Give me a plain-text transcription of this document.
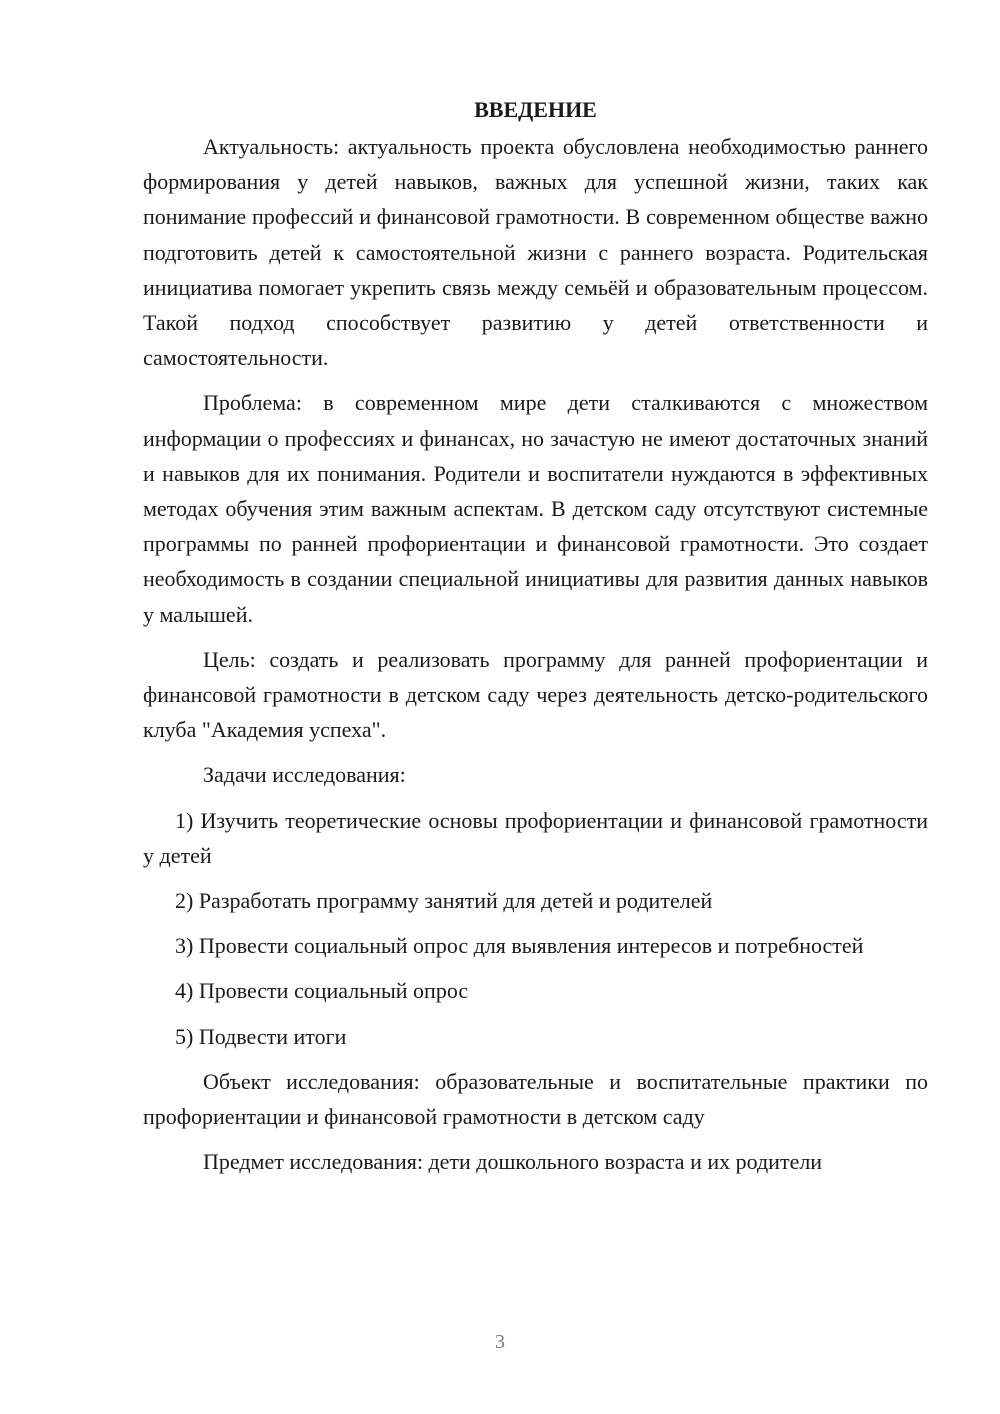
ВВЕДЕНИЕ

Актуальность: актуальность проекта обусловлена необходимостью раннего формирования у детей навыков, важных для успешной жизни, таких как понимание профессий и финансовой грамотности. В современном обществе важно подготовить детей к самостоятельной жизни с раннего возраста. Родительская инициатива помогает укрепить связь между семьёй и образовательным процессом. Такой подход способствует развитию у детей ответственности и самостоятельности.

Проблема: в современном мире дети сталкиваются с множеством информации о профессиях и финансах, но зачастую не имеют достаточных знаний и навыков для их понимания. Родители и воспитатели нуждаются в эффективных методах обучения этим важным аспектам. В детском саду отсутствуют системные программы по ранней профориентации и финансовой грамотности. Это создает необходимость в создании специальной инициативы для развития данных навыков у малышей.

Цель: создать и реализовать программу для ранней профориентации и финансовой грамотности в детском саду через деятельность детско-родительского клуба "Академия успеха".

Задачи исследования:

1) Изучить теоретические основы профориентации и финансовой грамотности у детей

2) Разработать программу занятий для детей и родителей

3) Провести социальный опрос для выявления интересов и потребностей

4) Провести социальный опрос

5) Подвести итоги

Объект исследования: образовательные и воспитательные практики по профориентации и финансовой грамотности в детском саду

Предмет исследования: дети дошкольного возраста и их родители

3
